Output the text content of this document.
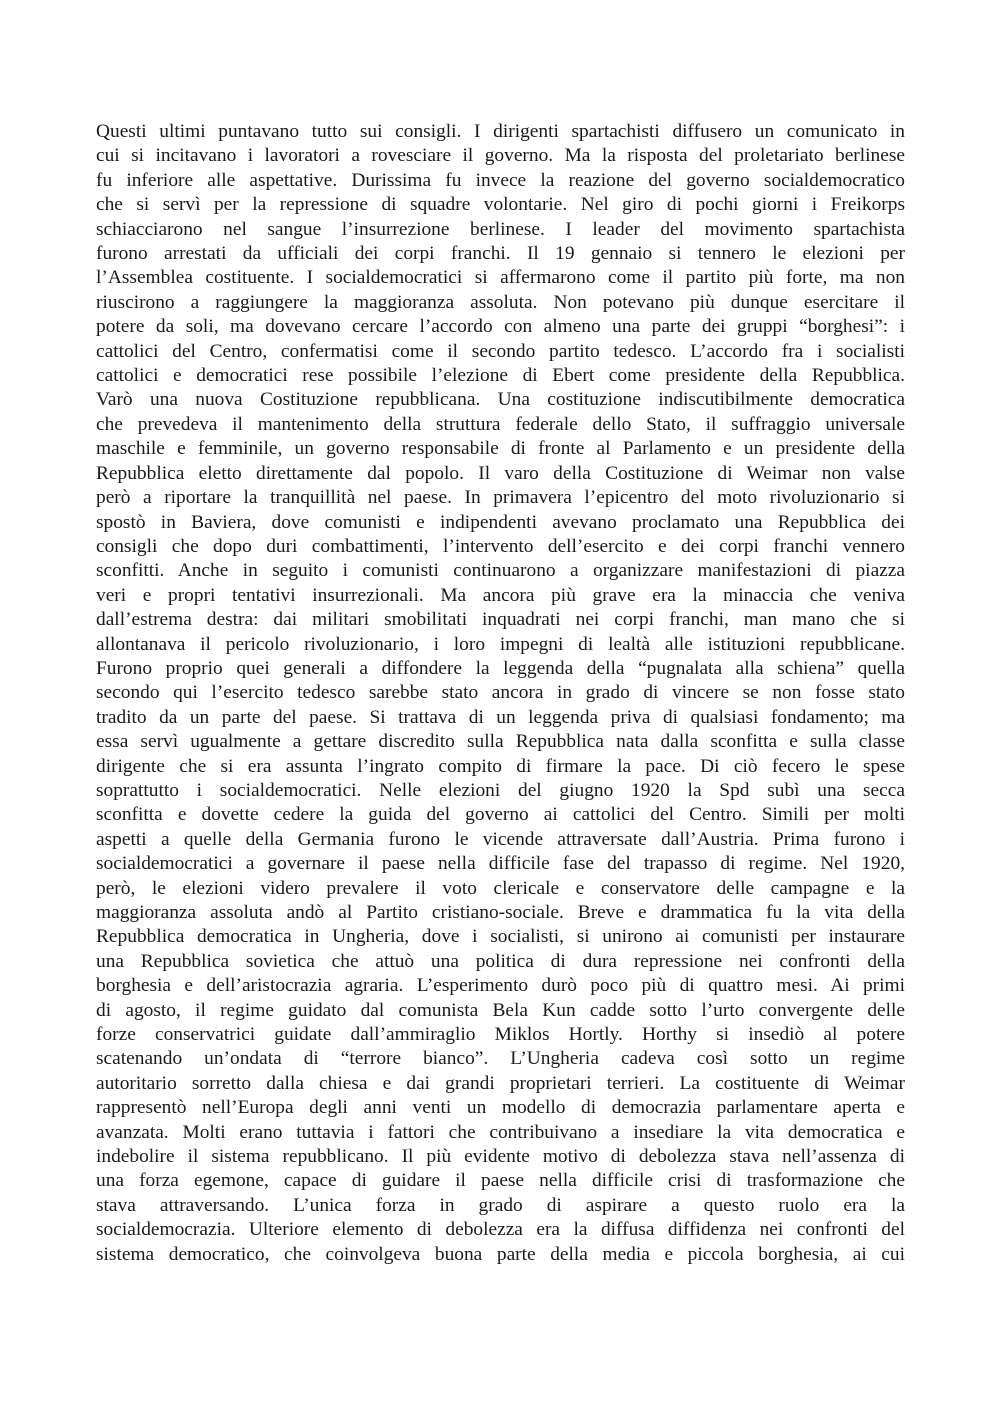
Questi ultimi puntavano tutto sui consigli. I dirigenti spartachisti diffusero un comunicato in
cui si incitavano i lavoratori a rovesciare il governo. Ma la risposta del proletariato berlinese
fu inferiore alle aspettative. Durissima fu invece la reazione del governo socialdemocratico
che si servì per la repressione di squadre volontarie. Nel giro di pochi giorni i Freikorps
schiacciarono nel sangue l’insurrezione berlinese. I leader del movimento spartachista
furono arrestati da ufficiali dei corpi franchi. Il 19 gennaio si tennero le elezioni per
l’Assemblea costituente. I socialdemocratici si affermarono come il partito più forte, ma non
riuscirono a raggiungere la maggioranza assoluta. Non potevano più dunque esercitare il
potere da soli, ma dovevano cercare l’accordo con almeno una parte dei gruppi “borghesi”: i
cattolici del Centro, confermatisi come il secondo partito tedesco. L’accordo fra i socialisti
cattolici e democratici rese possibile l’elezione di Ebert come presidente della Repubblica.
Varò una nuova Costituzione repubblicana. Una costituzione indiscutibilmente democratica
che prevedeva il mantenimento della struttura federale dello Stato, il suffraggio universale
maschile e femminile, un governo responsabile di fronte al Parlamento e un presidente della
Repubblica eletto direttamente dal popolo. Il varo della Costituzione di Weimar non valse
però a riportare la tranquillità nel paese. In primavera l’epicentro del moto rivoluzionario si
spostò in Baviera, dove comunisti e indipendenti avevano proclamato una Repubblica dei
consigli che dopo duri combattimenti, l’intervento dell’esercito e dei corpi franchi vennero
sconfitti. Anche in seguito i comunisti continuarono a organizzare manifestazioni di piazza
veri e propri tentativi insurrezionali. Ma ancora più grave era la minaccia che veniva
dall’estrema destra: dai militari smobilitati inquadrati nei corpi franchi, man mano che si
allontanava il pericolo rivoluzionario, i loro impegni di lealtà alle istituzioni repubblicane.
Furono proprio quei generali a diffondere la leggenda della “pugnalata alla schiena” quella
secondo qui l’esercito tedesco sarebbe stato ancora in grado di vincere se non fosse stato
tradito da un parte del paese. Si trattava di un leggenda priva di qualsiasi fondamento; ma
essa servì ugualmente a gettare discredito sulla Repubblica nata dalla sconfitta e sulla classe
dirigente che si era assunta l’ingrato compito di firmare la pace. Di ciò fecero le spese
soprattutto i socialdemocratici. Nelle elezioni del giugno 1920 la Spd subì una secca
sconfitta e dovette cedere la guida del governo ai cattolici del Centro. Simili per molti
aspetti a quelle della Germania furono le vicende attraversate dall’Austria. Prima furono i
socialdemocratici a governare il paese nella difficile fase del trapasso di regime. Nel 1920,
però, le elezioni videro prevalere il voto clericale e conservatore delle campagne e la
maggioranza assoluta andò al Partito cristiano-sociale. Breve e drammatica fu la vita della
Repubblica democratica in Ungheria, dove i socialisti, si unirono ai comunisti per instaurare
una Repubblica sovietica che attuò una politica di dura repressione nei confronti della
borghesia e dell’aristocrazia agraria. L’esperimento durò poco più di quattro mesi. Ai primi
di agosto, il regime guidato dal comunista Bela Kun cadde sotto l’urto convergente delle
forze conservatrici guidate dall’ammiraglio Miklos Hortly. Horthy si insediò al potere
scatenando un’ondata di “terrore bianco”. L’Ungheria cadeva così sotto un regime
autoritario sorretto dalla chiesa e dai grandi proprietari terrieri. La costituente di Weimar
rappresentò nell’Europa degli anni venti un modello di democrazia parlamentare aperta e
avanzata. Molti erano tuttavia i fattori che contribuivano a insediare la vita democratica e
indebolire il sistema repubblicano. Il più evidente motivo di debolezza stava nell’assenza di
una forza egemone, capace di guidare il paese nella difficile crisi di trasformazione che
stava attraversando. L’unica forza in grado di aspirare a questo ruolo era la
socialdemocrazia. Ulteriore elemento di debolezza era la diffusa diffidenza nei confronti del
sistema democratico, che coinvolgeva buona parte della media e piccola borghesia, ai cui
